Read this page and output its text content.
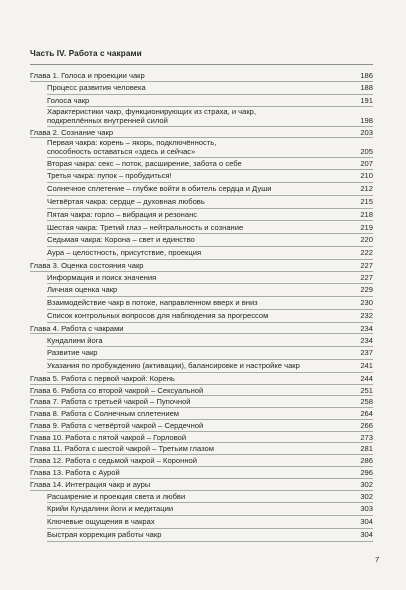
Часть IV. Работа с чакрами
Глава 1. Голоса и проекции чакр	186
Процесс развития человека	188
Голоса чакр	191
Характеристики чакр, функционирующих из страха, и чакр,
подкреплённых внутренней силой	198
Глава 2. Сознание чакр	203
Первая чакра: корень – якорь, подключённость,
способность оставаться «здесь и сейчас»	205
Вторая чакра: секс – поток, расширение, забота о себе	207
Третья чакра: пупок – пробудиться!	210
Солнечное сплетение – глубже войти в обитель сердца и Души	212
Четвёртая чакра: сердце – духовная любовь	215
Пятая чакра: горло – вибрация и резонанс	218
Шестая чакра: Третий глаз – нейтральность и сознание	219
Седьмая чакра: Корона – свет и единство	220
Аура – целостность, присутствие, проекция	222
Глава 3. Оценка состояния чакр	227
Информация и поиск значения	227
Личная оценка чакр	229
Взаимодействие чакр в потоке, направленном вверх и вниз	230
Список контрольных вопросов для наблюдения за прогрессом	232
Глава 4. Работа с чакрами	234
Кундалини йога	234
Развитие чакр	237
Указания по пробуждению (активации), балансировке и настройке чакр	241
Глава 5. Работа с первой чакрой: Корень	244
Глава 6. Работа со второй чакрой – Сексуальной	251
Глава 7. Работа с третьей чакрой – Пупочной	258
Глава 8. Работа с Солнечным сплетением	264
Глава 9. Работа с четвёртой чакрой – Сердечной	266
Глава 10. Работа с пятой чакрой – Горловой	273
Глава 11. Работа с шестой чакрой – Третьим глазом	281
Глава 12. Работа с седьмой чакрой – Коронной	286
Глава 13. Работа с Аурой	296
Глава 14. Интеграция чакр и ауры	302
Расширение и проекция света и любви	302
Крийи Кундалини йоги и медитации	303
Ключевые ощущения в чакрах	304
Быстрая коррекция работы чакр	304
7
